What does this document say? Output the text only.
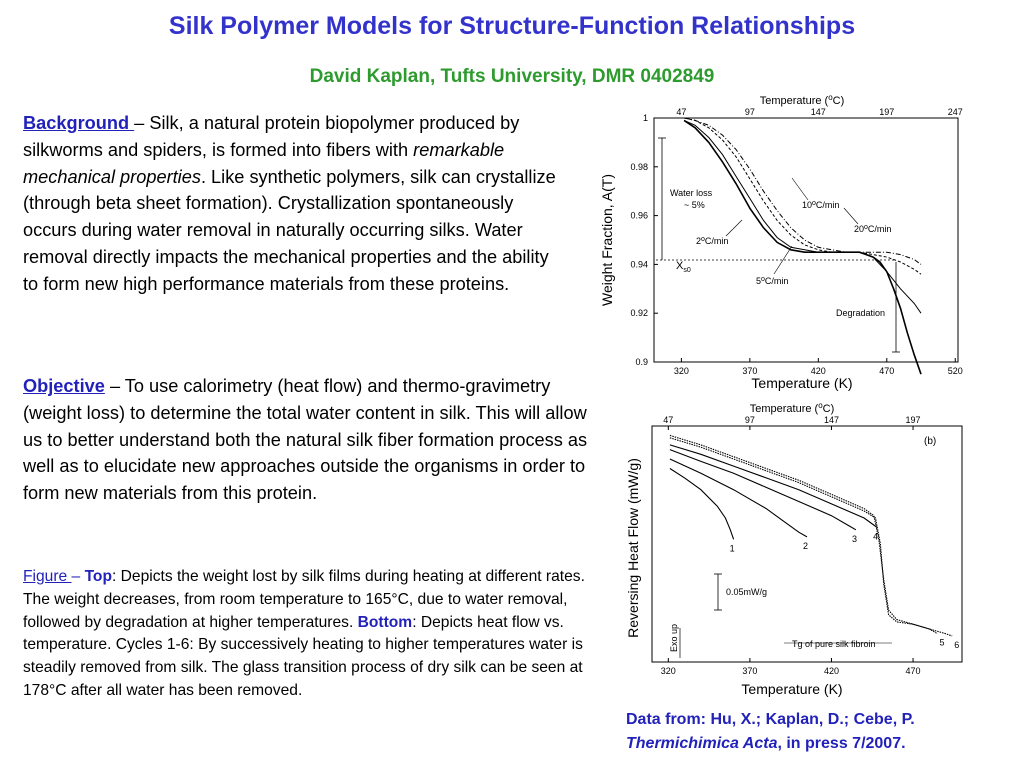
Silk Polymer Models for Structure-Function Relationships
David Kaplan, Tufts University, DMR 0402849
Background – Silk, a natural protein biopolymer produced by silkworms and spiders, is formed into fibers with remarkable mechanical properties. Like synthetic polymers, silk can crystallize (through beta sheet formation). Crystallization spontaneously occurs during water removal in naturally occurring silks. Water removal directly impacts the mechanical properties and the ability to form new high performance materials from these proteins.
Objective – To use calorimetry (heat flow) and thermo-gravimetry (weight loss) to determine the total water content in silk. This will allow us to better understand both the natural silk fiber formation process as well as to elucidate new approaches outside the organisms in order to form new materials from this protein.
Figure – Top: Depicts the weight lost by silk films during heating at different rates. The weight decreases, from room temperature to 165°C, due to water removal, followed by degradation at higher temperatures. Bottom: Depicts heat flow vs. temperature. Cycles 1-6: By successively heating to higher temperatures water is steadily removed from silk. The glass transition process of dry silk can be seen at 178°C after all water has been removed.
Data from: Hu, X.; Kaplan, D.; Cebe, P.
Thermichimica Acta, in press 7/2007.
Temperature ($^o$C)
47	97	147	197	247
320	370	420	470	520
0.9
0.92
0.94
0.96
0.98
1
Water loss
~ 5%
$X_{s0}$
2$^o$C/min
5$^o$C/min
10$^o$C/min
20$^o$C/min
Degradation
Temperature (K)
Weight Fraction, A(T)
Temperature ($^o$C)
47	97	147	197
320	370	420	470
1	2
3 4
5 6
(b)
0.05mW/g
Exo up	Tg of pure silk fibroin
Temperature (K)
Reversing Heat Flow (mW/g)
